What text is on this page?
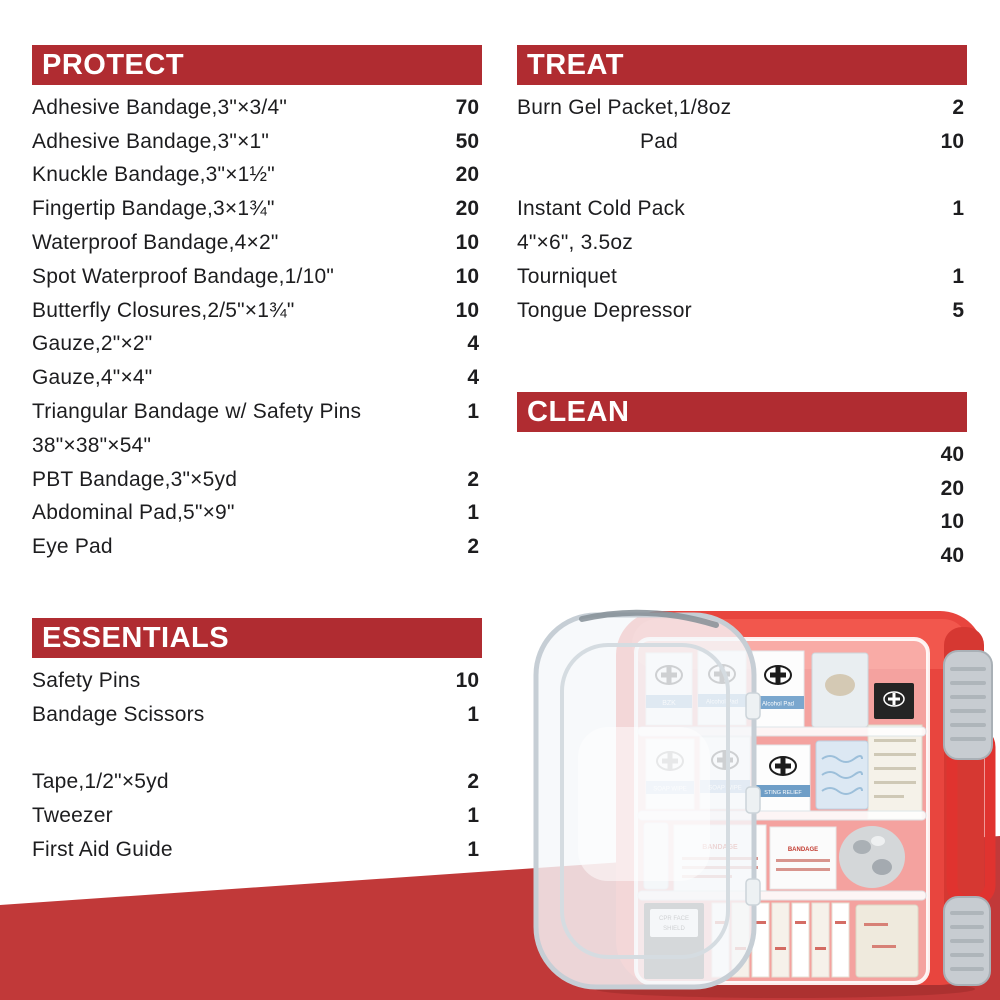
Alcohol Pad
STING RELIEF
BANDAGE
PROTECT
Adhesive Bandage,3"×3/4"	70
Adhesive Bandage,3"×1"	50
Knuckle Bandage,3"×1½"	20
Fingertip Bandage,3×1¾"	20
Waterproof Bandage,4×2"	10
Spot Waterproof Bandage,1/10"	10
Butterfly Closures,2/5"×1¾"	10
Gauze,2"×2"	4
Gauze,4"×4"	4
Triangular Bandage w/ Safety Pins	1
38"×38"×54"
PBT Bandage,3"×5yd	2
Abdominal Pad,5"×9"	1
Eye Pad	2
TREAT
Burn Gel Packet,1/8oz	2
Pad	10
Instant Cold Pack	1
4"×6", 3.5oz
Tourniquet	1
Tongue Depressor	5
CLEAN
40
20
10
40
ESSENTIALS
Safety Pins	10
Bandage Scissors	1
Tape,1/2"×5yd	2
Tweezer	1
First Aid Guide	1
